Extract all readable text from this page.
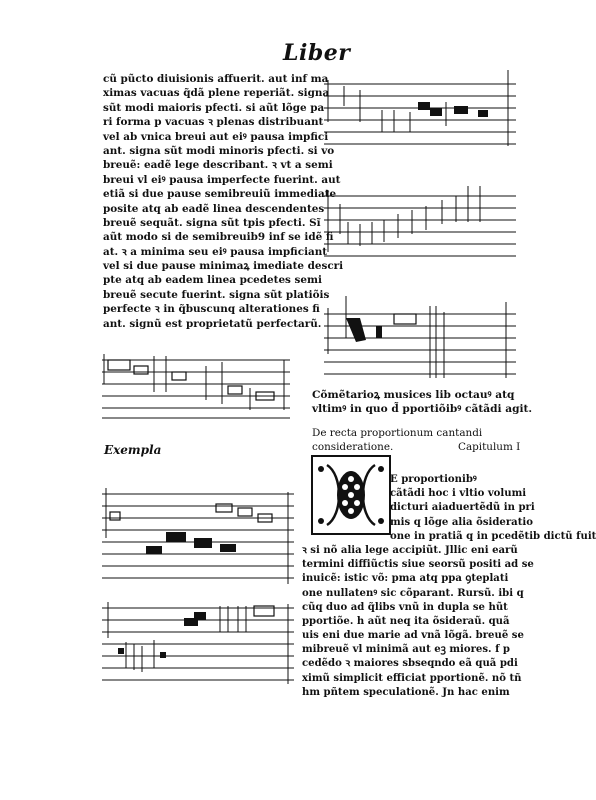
Liber
cũ pũcto diuisionis affuerit. aut inf ma
ximas vacuas q̃dã plene reperiãt. signa
sũt modi maioris pfecti. si aũt lõge pa
ri forma p vacuas ꝛ plenas distribuant
vel ab vnica breui aut eiꝰ pausa impfici
ant. signa sũt modi minoris pfecti. si vo
breuẽ: eadẽ lege describant. ꝛ vt a semi
breui vl eiꝰ pausa imperfecte fuerint. aut
etiã si due pause semibreuiũ immediate
posite atq ab eadẽ linea descendentes
breuẽ sequãt. signa sũt tpis pfecti. Sĩ
aũt modo si de semibreuib9 inf se idẽ fi
at. ꝛ a minima seu eiꝰ pausa impficiant
vel si due pause minimaꝝ imediate descri
pte atq ab eadem linea pcedetes semi
breuẽ secute fuerint. signa sũt platiõis
perfecte ꝛ in q̃buscunq alterationes fi
ant. signũ est proprietatũ perfectarũ.
Exempla
Cõmẽtarioꝝ musices lib octauꝰ atq
vltimꝰ in quo d̃ pportiõibꝰ cãtãdi agit.
De recta proportionum cantandi
consideratione.	Capitulum I
E proportionibꝰ
cãtãdi hoc i vltio volumi
dicturi aiaduertẽdũ in pri
mis q lõge alia õsideratio
one in pratiã q in pcedẽtib dictũ fuit
ꝛ si nõ alia lege accipiũt. Jllic eni earũ
termini diffiũctis siue seorsũ positi ad se
inuicẽ: istic võ: pma atq ppa ꝯteplati
one nullatenꝰ sic cõparant. Rursũ. ibi q
cũq duo ad q̃libs vnũ in dupla se hũt
pportiõe. h aũt neq ita õsideraũ. quã
uis eni due marie ad vnã lõgã. breuẽ se
mibreuẽ vl minimã aut eꝫ miores. f p
cedẽdo ꝛ maiores sbseqndo eã quã pdi
ximũ simplicit efficiat pportionẽ. nõ tñ
hm pñtem speculationẽ. Jn hac enim
